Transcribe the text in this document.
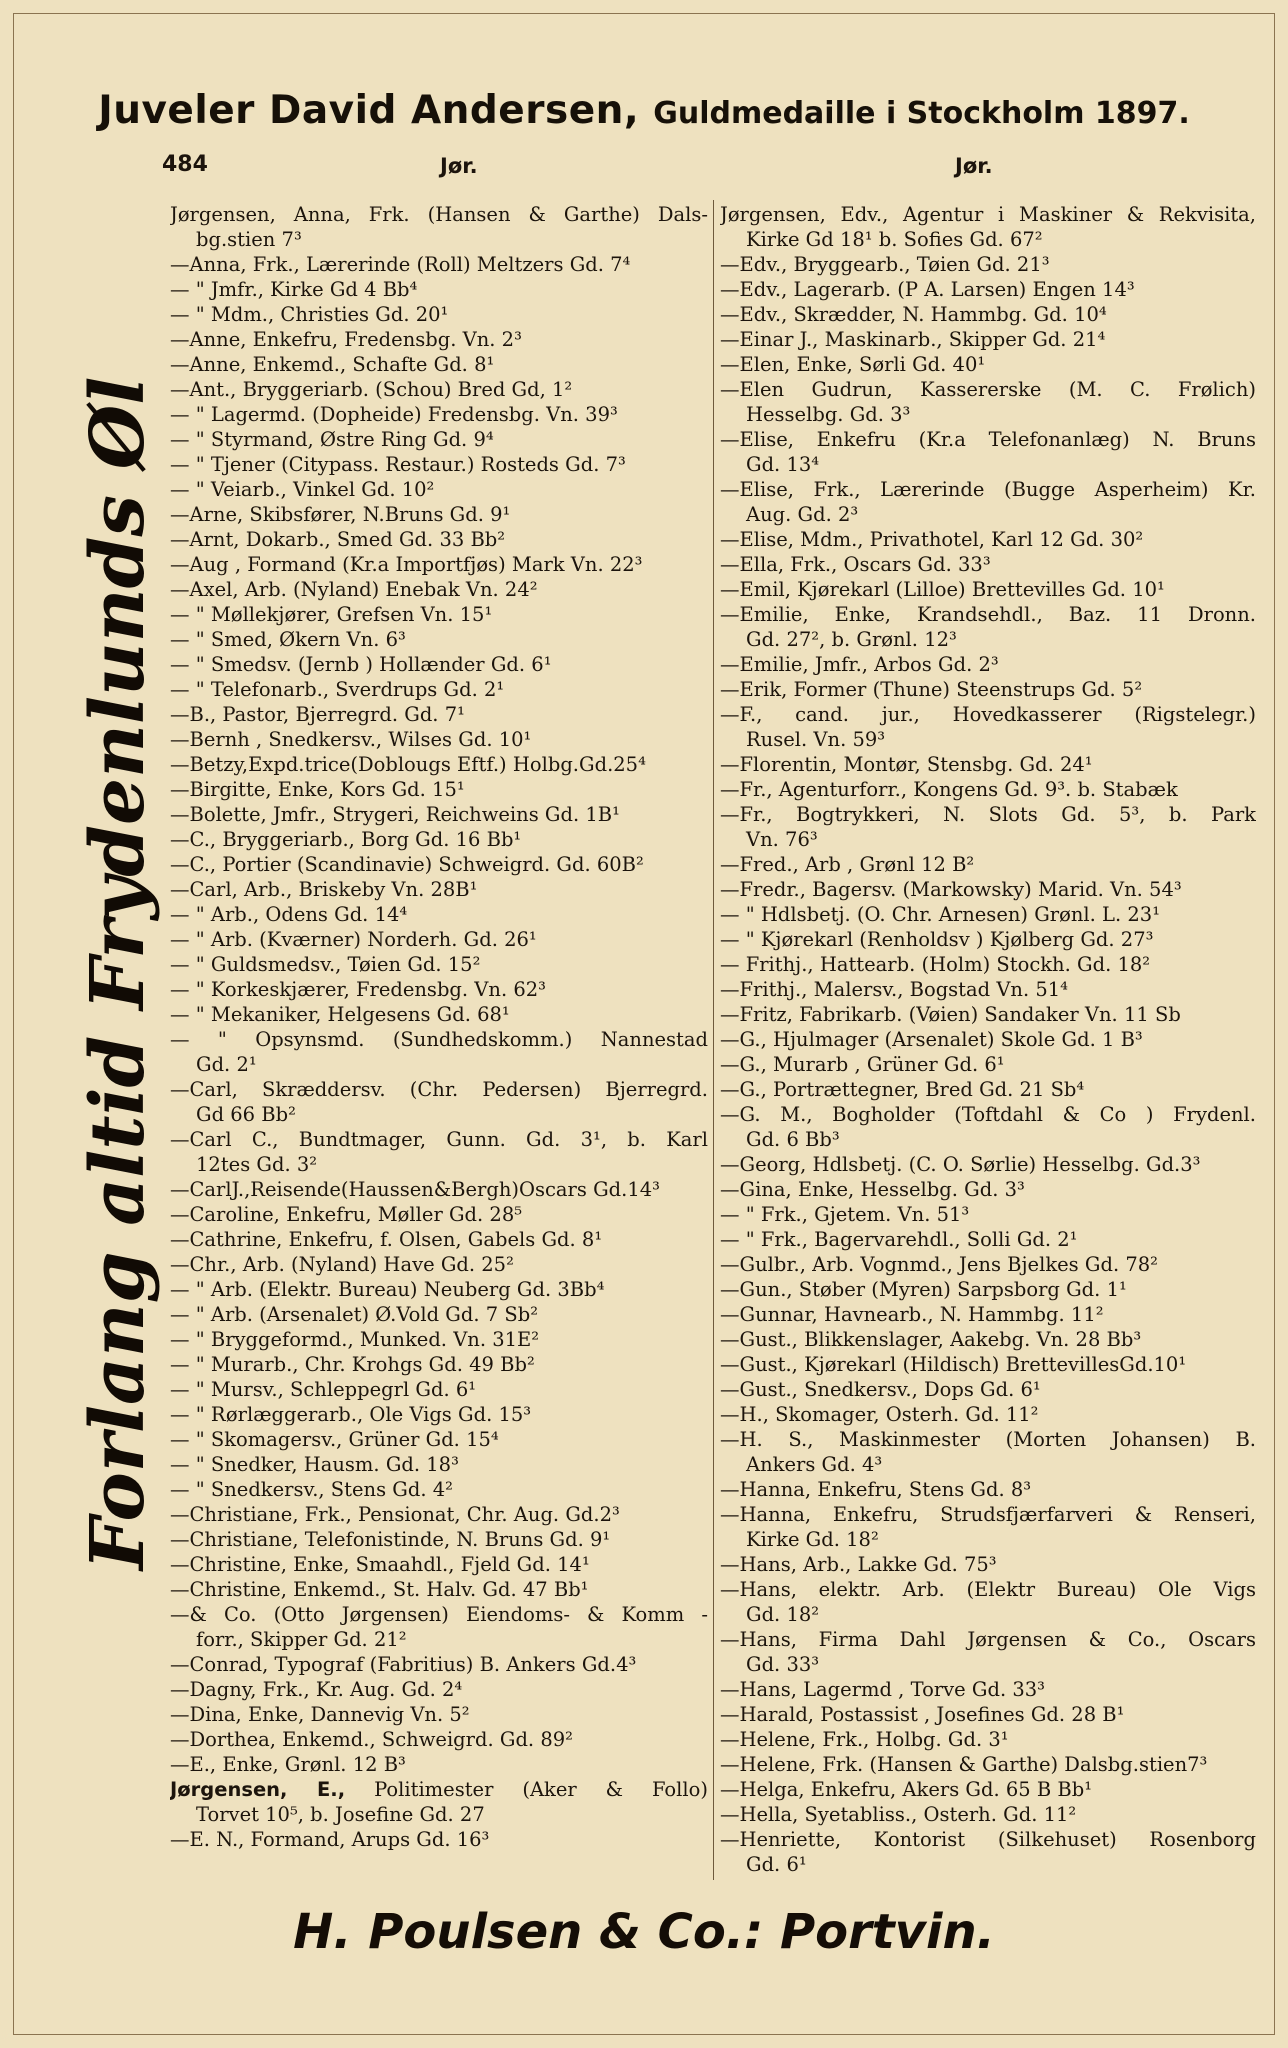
Juveler David Andersen, Guldmedaille i Stockholm 1897.
484	Jør.	Jør.
Forlang altid Frydenlunds Øl

Jørgensen, Anna, Frk. (Hansen & Garthe) Dals-

bg.stien 7³

—Anna, Frk., Lærerinde (Roll) Meltzers Gd. 7⁴

— " Jmfr., Kirke Gd 4 Bb⁴

— " Mdm., Christies Gd. 20¹

—Anne, Enkefru, Fredensbg. Vn. 2³

—Anne, Enkemd., Schafte Gd. 8¹

—Ant., Bryggeriarb. (Schou) Bred Gd, 1²

— " Lagermd. (Dopheide) Fredensbg. Vn. 39³

— " Styrmand, Østre Ring Gd. 9⁴

— " Tjener (Citypass. Restaur.) Rosteds Gd. 7³

— " Veiarb., Vinkel Gd. 10²

—Arne, Skibsfører, N.Bruns Gd. 9¹

—Arnt, Dokarb., Smed Gd. 33 Bb²

—Aug , Formand (Kr.a Importfjøs) Mark Vn. 22³

—Axel, Arb. (Nyland) Enebak Vn. 24²

— " Møllekjører, Grefsen Vn. 15¹

— " Smed, Økern Vn. 6³

— " Smedsv. (Jernb ) Hollænder Gd. 6¹

— " Telefonarb., Sverdrups Gd. 2¹

—B., Pastor, Bjerregrd. Gd. 7¹

—Bernh , Snedkersv., Wilses Gd. 10¹

—Betzy,Expd.trice(Doblougs Eftf.) Holbg.Gd.25⁴

—Birgitte, Enke, Kors Gd. 15¹

—Bolette, Jmfr., Strygeri, Reichweins Gd. 1B¹

—C., Bryggeriarb., Borg Gd. 16 Bb¹

—C., Portier (Scandinavie) Schweigrd. Gd. 60B²

—Carl, Arb., Briskeby Vn. 28B¹

— " Arb., Odens Gd. 14⁴

— " Arb. (Kværner) Norderh. Gd. 26¹

— " Guldsmedsv., Tøien Gd. 15²

— " Korkeskjærer, Fredensbg. Vn. 62³

— " Mekaniker, Helgesens Gd. 68¹

— " Opsynsmd. (Sundhedskomm.) Nannestad

Gd. 2¹

—Carl, Skræddersv. (Chr. Pedersen) Bjerregrd.

Gd 66 Bb²

—Carl C., Bundtmager, Gunn. Gd. 3¹, b. Karl

12tes Gd. 3²

—CarlJ.,Reisende(Haussen&Bergh)Oscars Gd.14³

—Caroline, Enkefru, Møller Gd. 28⁵

—Cathrine, Enkefru, f. Olsen, Gabels Gd. 8¹

—Chr., Arb. (Nyland) Have Gd. 25²

— " Arb. (Elektr. Bureau) Neuberg Gd. 3Bb⁴

— " Arb. (Arsenalet) Ø.Vold Gd. 7 Sb²

— " Bryggeformd., Munked. Vn. 31E²

— " Murarb., Chr. Krohgs Gd. 49 Bb²

— " Mursv., Schleppegrl Gd. 6¹

— " Rørlæggerarb., Ole Vigs Gd. 15³

— " Skomagersv., Grüner Gd. 15⁴

— " Snedker, Hausm. Gd. 18³

— " Snedkersv., Stens Gd. 4²

—Christiane, Frk., Pensionat, Chr. Aug. Gd.2³

—Christiane, Telefonistinde, N. Bruns Gd. 9¹

—Christine, Enke, Smaahdl., Fjeld Gd. 14¹

—Christine, Enkemd., St. Halv. Gd. 47 Bb¹

—& Co. (Otto Jørgensen) Eiendoms- & Komm -

forr., Skipper Gd. 21²

—Conrad, Typograf (Fabritius) B. Ankers Gd.4³

—Dagny, Frk., Kr. Aug. Gd. 2⁴

—Dina, Enke, Dannevig Vn. 5²

—Dorthea, Enkemd., Schweigrd. Gd. 89²

—E., Enke, Grønl. 12 B³

Jørgensen, E., Politimester (Aker & Follo)

Torvet 10⁵, b. Josefine Gd. 27

—E. N., Formand, Arups Gd. 16³

Jørgensen, Edv., Agentur i Maskiner & Rekvisita,

Kirke Gd 18¹ b. Sofies Gd. 67²

—Edv., Bryggearb., Tøien Gd. 21³

—Edv., Lagerarb. (P A. Larsen) Engen 14³

—Edv., Skrædder, N. Hammbg. Gd. 10⁴

—Einar J., Maskinarb., Skipper Gd. 21⁴

—Elen, Enke, Sørli Gd. 40¹

—Elen Gudrun, Kassererske (M. C. Frølich)

Hesselbg. Gd. 3³

—Elise, Enkefru (Kr.a Telefonanlæg) N. Bruns

Gd. 13⁴

—Elise, Frk., Lærerinde (Bugge Asperheim) Kr.

Aug. Gd. 2³

—Elise, Mdm., Privathotel, Karl 12 Gd. 30²

—Ella, Frk., Oscars Gd. 33³

—Emil, Kjørekarl (Lilloe) Brettevilles Gd. 10¹

—Emilie, Enke, Krandsehdl., Baz. 11 Dronn.

Gd. 27², b. Grønl. 12³

—Emilie, Jmfr., Arbos Gd. 2³

—Erik, Former (Thune) Steenstrups Gd. 5²

—F., cand. jur., Hovedkasserer (Rigstelegr.)

Rusel. Vn. 59³

—Florentin, Montør, Stensbg. Gd. 24¹

—Fr., Agenturforr., Kongens Gd. 9³. b. Stabæk

—Fr., Bogtrykkeri, N. Slots Gd. 5³, b. Park

Vn. 76³

—Fred., Arb , Grønl 12 B²

—Fredr., Bagersv. (Markowsky) Marid. Vn. 54³

— " Hdlsbetj. (O. Chr. Arnesen) Grønl. L. 23¹

— " Kjørekarl (Renholdsv ) Kjølberg Gd. 27³

— Frithj., Hattearb. (Holm) Stockh. Gd. 18²

—Frithj., Malersv., Bogstad Vn. 51⁴

—Fritz, Fabrikarb. (Vøien) Sandaker Vn. 11 Sb

—G., Hjulmager (Arsenalet) Skole Gd. 1 B³

—G., Murarb , Grüner Gd. 6¹

—G., Portrættegner, Bred Gd. 21 Sb⁴

—G. M., Bogholder (Toftdahl & Co ) Frydenl.

Gd. 6 Bb³

—Georg, Hdlsbetj. (C. O. Sørlie) Hesselbg. Gd.3³

—Gina, Enke, Hesselbg. Gd. 3³

— " Frk., Gjetem. Vn. 51³

— " Frk., Bagervarehdl., Solli Gd. 2¹

—Gulbr., Arb. Vognmd., Jens Bjelkes Gd. 78²

—Gun., Støber (Myren) Sarpsborg Gd. 1¹

—Gunnar, Havnearb., N. Hammbg. 11²

—Gust., Blikkenslager, Aakebg. Vn. 28 Bb³

—Gust., Kjørekarl (Hildisch) BrettevillesGd.10¹

—Gust., Snedkersv., Dops Gd. 6¹

—H., Skomager, Osterh. Gd. 11²

—H. S., Maskinmester (Morten Johansen) B.

Ankers Gd. 4³

—Hanna, Enkefru, Stens Gd. 8³

—Hanna, Enkefru, Strudsfjærfarveri & Renseri,

Kirke Gd. 18²

—Hans, Arb., Lakke Gd. 75³

—Hans, elektr. Arb. (Elektr Bureau) Ole Vigs

Gd. 18²

—Hans, Firma Dahl Jørgensen & Co., Oscars

Gd. 33³

—Hans, Lagermd , Torve Gd. 33³

—Harald, Postassist , Josefines Gd. 28 B¹

—Helene, Frk., Holbg. Gd. 3¹

—Helene, Frk. (Hansen & Garthe) Dalsbg.stien7³

—Helga, Enkefru, Akers Gd. 65 B Bb¹

—Hella, Syetabliss., Osterh. Gd. 11²

—Henriette, Kontorist (Silkehuset) Rosenborg

Gd. 6¹

H. Poulsen & Co.: Portvin.
